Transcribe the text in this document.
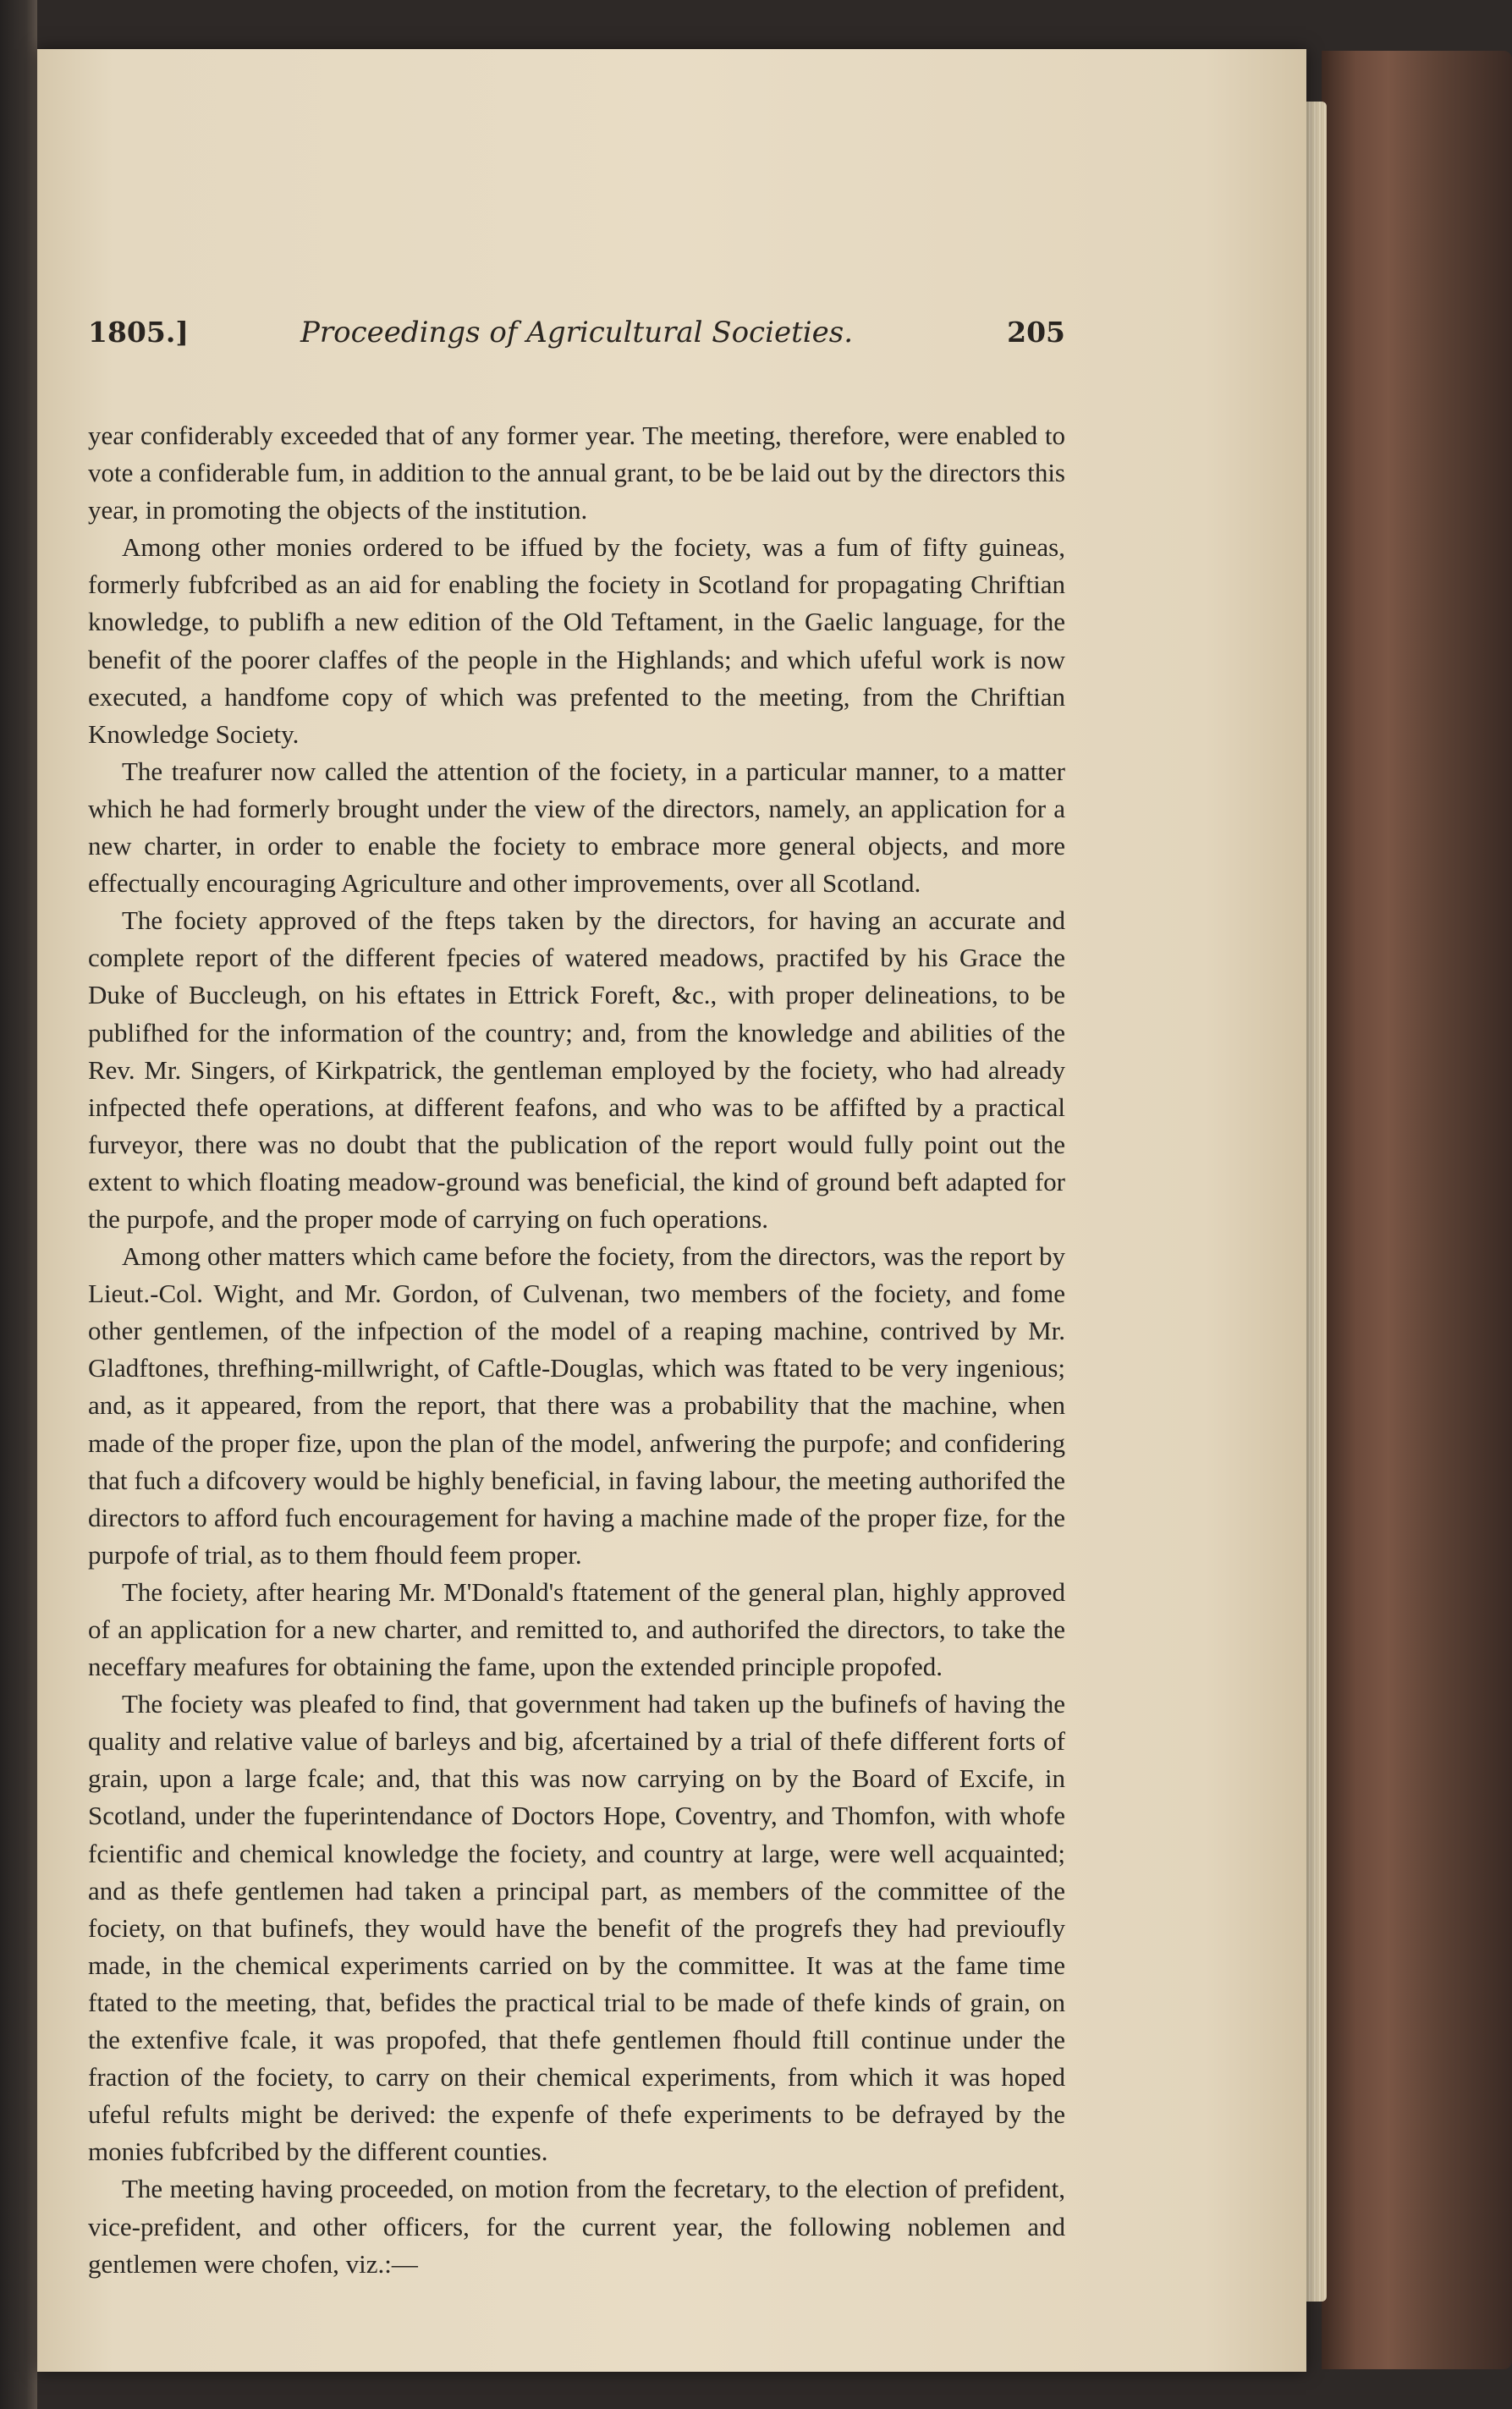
1805.]	Proceedings of Agricultural Societies.	205

year confiderably exceeded that of any former year. The meeting, therefore, were enabled to vote a confiderable fum, in addition to the annual grant, to be be laid out by the directors this year, in promoting the objects of the institution.

Among other monies ordered to be iffued by the fociety, was a fum of fifty guineas, formerly fubfcribed as an aid for enabling the fociety in Scotland for propagating Chriftian knowledge, to publifh a new edition of the Old Teftament, in the Gaelic language, for the benefit of the poorer claffes of the people in the Highlands; and which ufeful work is now executed, a handfome copy of which was prefented to the meeting, from the Chriftian Knowledge Society.

The treafurer now called the attention of the fociety, in a particular manner, to a matter which he had formerly brought under the view of the directors, namely, an application for a new charter, in order to enable the fociety to embrace more general objects, and more effectually encouraging Agriculture and other improvements, over all Scotland.

The fociety approved of the fteps taken by the directors, for having an accurate and complete report of the different fpecies of watered meadows, practifed by his Grace the Duke of Buccleugh, on his eftates in Ettrick Foreft, &c., with proper delineations, to be publifhed for the information of the country; and, from the knowledge and abilities of the Rev. Mr. Singers, of Kirkpatrick, the gentleman employed by the fociety, who had already infpected thefe operations, at different feafons, and who was to be affifted by a practical furveyor, there was no doubt that the publication of the report would fully point out the extent to which floating meadow-ground was beneficial, the kind of ground beft adapted for the purpofe, and the proper mode of carrying on fuch operations.

Among other matters which came before the fociety, from the directors, was the report by Lieut.-Col. Wight, and Mr. Gordon, of Culvenan, two members of the fociety, and fome other gentlemen, of the infpection of the model of a reaping machine, contrived by Mr. Gladftones, threfhing-millwright, of Caftle-Douglas, which was ftated to be very ingenious; and, as it appeared, from the report, that there was a probability that the machine, when made of the proper fize, upon the plan of the model, anfwering the purpofe; and confidering that fuch a difcovery would be highly beneficial, in faving labour, the meeting authorifed the directors to afford fuch encouragement for having a machine made of the proper fize, for the purpofe of trial, as to them fhould feem proper.

The fociety, after hearing Mr. M'Donald's ftatement of the general plan, highly approved of an application for a new charter, and remitted to, and authorifed the directors, to take the neceffary meafures for obtaining the fame, upon the extended principle propofed.

The fociety was pleafed to find, that government had taken up the bufinefs of having the quality and relative value of barleys and big, afcertained by a trial of thefe different forts of grain, upon a large fcale; and, that this was now carrying on by the Board of Excife, in Scotland, under the fuperintendance of Doctors Hope, Coventry, and Thomfon, with whofe fcientific and chemical knowledge the fociety, and country at large, were well acquainted; and as thefe gentlemen had taken a principal part, as members of the committee of the fociety, on that bufinefs, they would have the benefit of the progrefs they had previoufly made, in the chemical experiments carried on by the committee. It was at the fame time ftated to the meeting, that, befides the practical trial to be made of thefe kinds of grain, on the extenfive fcale, it was propofed, that thefe gentlemen fhould ftill continue under the fraction of the fociety, to carry on their chemical experiments, from which it was hoped ufeful refults might be derived: the expenfe of thefe experiments to be defrayed by the monies fubfcribed by the different counties.

The meeting having proceeded, on motion from the fecretary, to the election of prefident, vice-prefident, and other officers, for the current year, the following noblemen and gentlemen were chofen, viz.:—
